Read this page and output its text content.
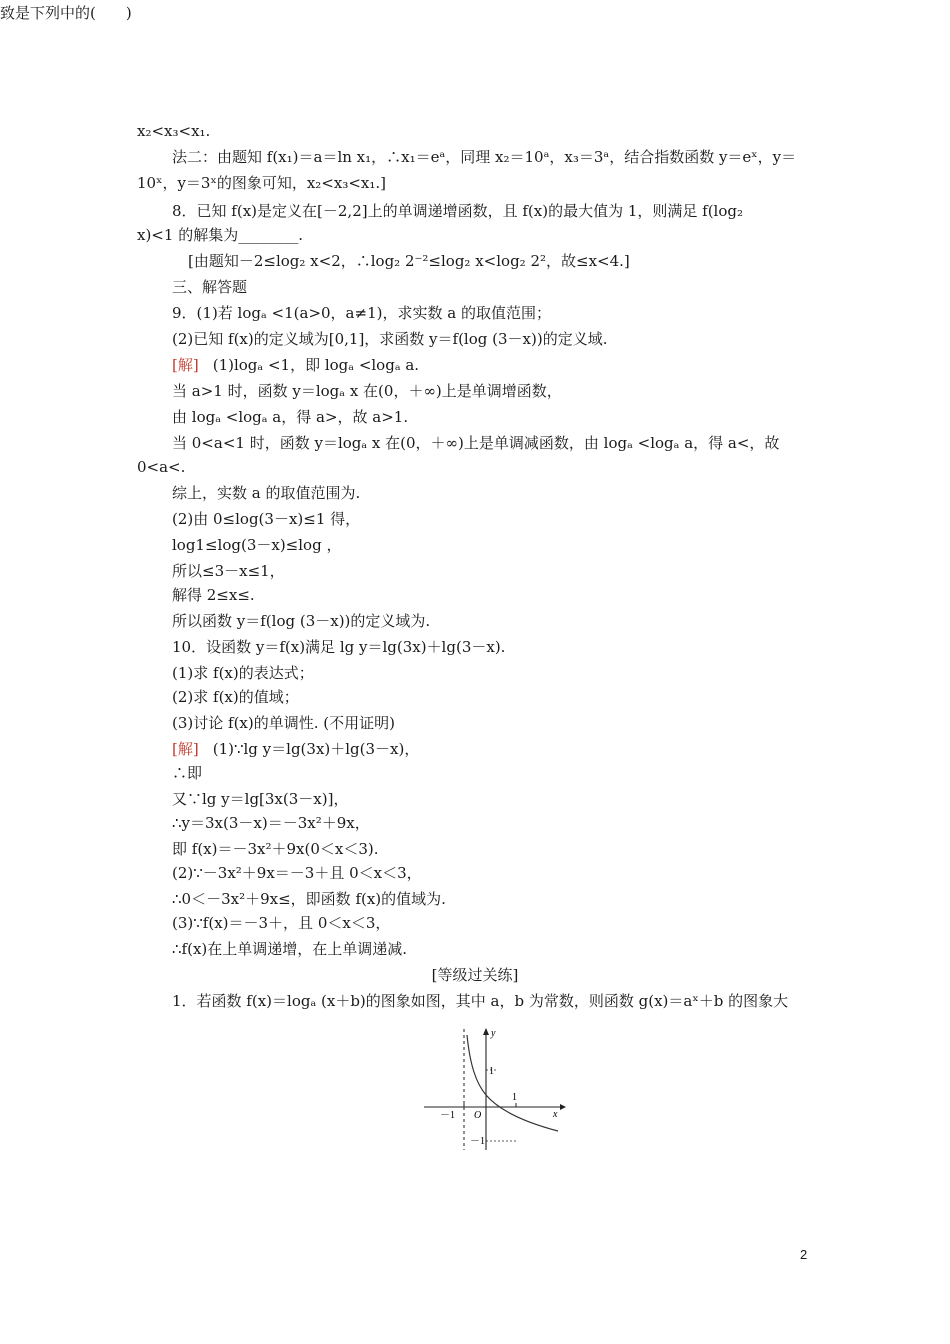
x₂<x₃<x₁.
法二：由题知 f(x₁)＝a＝ln x₁，∴x₁＝eᵃ，同理 x₂＝10ᵃ，x₃＝3ᵃ，结合指数函数 y＝eˣ，y＝
10ˣ，y＝3ˣ的图象可知，x₂<x₃<x₁.]
8．已知 f(x)是定义在[－2,2]上的单调递增函数，且 f(x)的最大值为 1，则满足 f(log₂
x)<1 的解集为________.
[由题知－2≤log₂ x<2，∴log₂ 2⁻²≤log₂ x<log₂ 2²，故≤x<4.]
三、解答题
9．(1)若 logₐ <1(a>0，a≠1)，求实数 a 的取值范围；
(2)已知 f(x)的定义域为[0,1]，求函数 y＝f(log (3－x))的定义域.
[解] (1)logₐ <1，即 logₐ <logₐ a.
当 a>1 时，函数 y＝logₐ x 在(0，＋∞)上是单调增函数，
由 logₐ <logₐ a，得 a>，故 a>1.
当 0<a<1 时，函数 y＝logₐ x 在(0，＋∞)上是单调减函数，由 logₐ <logₐ a，得 a<，故
0<a<.
综上，实数 a 的取值范围为.
(2)由 0≤log(3－x)≤1 得，
log1≤log(3－x)≤log ，
所以≤3－x≤1，
解得 2≤x≤.
所以函数 y＝f(log (3－x))的定义域为.
10．设函数 y＝f(x)满足 lg y＝lg(3x)＋lg(3－x).
(1)求 f(x)的表达式；
(2)求 f(x)的值域；
(3)讨论 f(x)的单调性. (不用证明)
[解] (1)∵lg y＝lg(3x)＋lg(3－x)，
∴即
又∵lg y＝lg[3x(3－x)]，
∴y＝3x(3－x)＝－3x²＋9x，
即 f(x)＝－3x²＋9x(0＜x＜3).
(2)∵－3x²＋9x＝－3＋且 0＜x＜3，
∴0＜－3x²＋9x≤，即函数 f(x)的值域为.
(3)∵f(x)＝－3＋，且 0＜x＜3，
∴f(x)在上单调递增，在上单调递减.
[等级过关练]
1．若函数 f(x)＝logₐ (x＋b)的图象如图，其中 a，b 为常数，则函数 g(x)＝aˣ＋b 的图象大
致是下列中的(　　)
y
x
O
－1
1
1
－1
2
